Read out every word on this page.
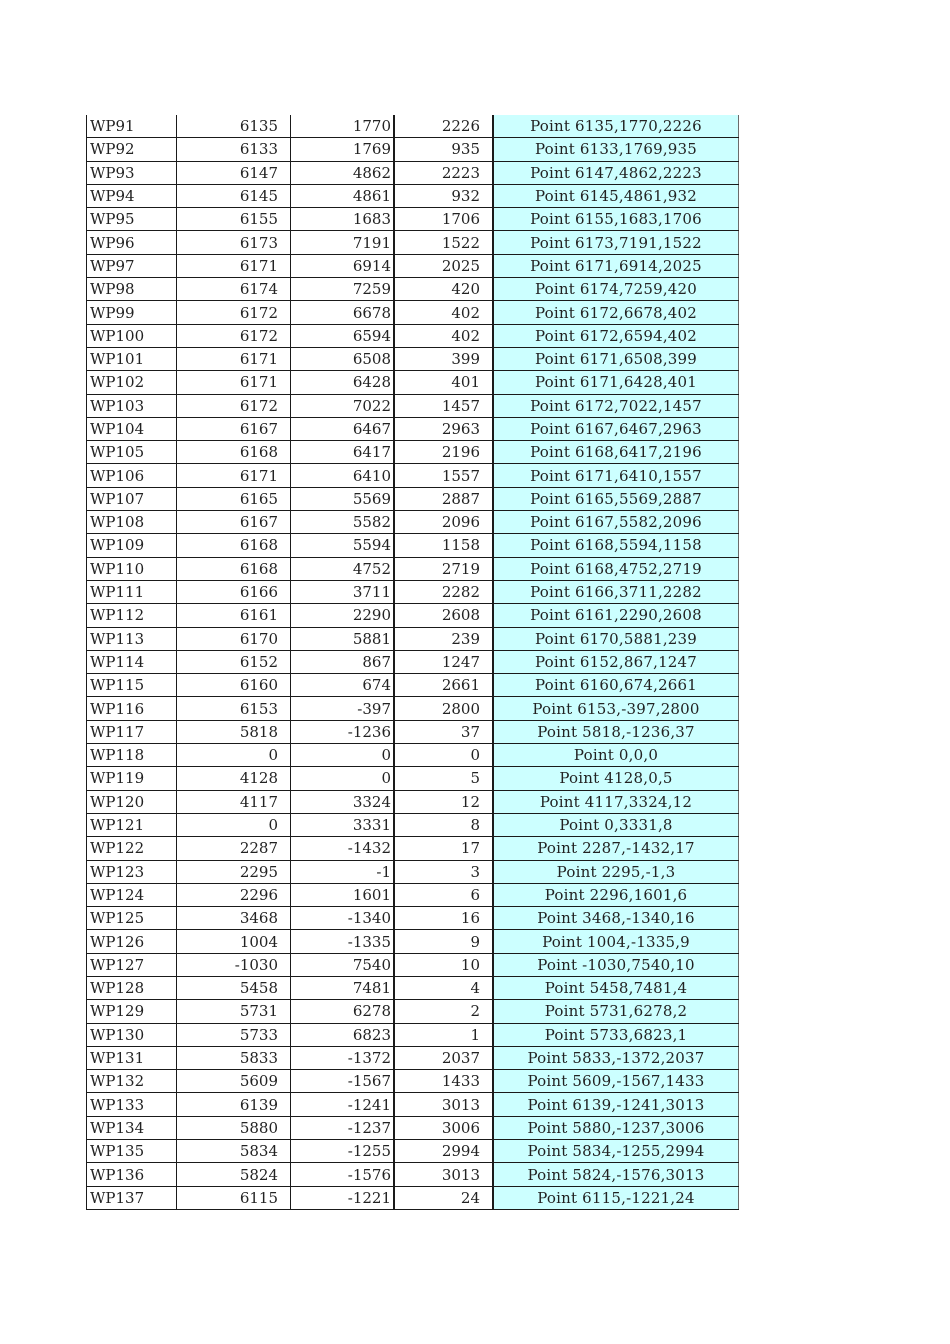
WP91	6135	1770	2226	Point 6135,1770,2226
WP92	6133	1769	935	Point 6133,1769,935
WP93	6147	4862	2223	Point 6147,4862,2223
WP94	6145	4861	932	Point 6145,4861,932
WP95	6155	1683	1706	Point 6155,1683,1706
WP96	6173	7191	1522	Point 6173,7191,1522
WP97	6171	6914	2025	Point 6171,6914,2025
WP98	6174	7259	420	Point 6174,7259,420
WP99	6172	6678	402	Point 6172,6678,402
WP100	6172	6594	402	Point 6172,6594,402
WP101	6171	6508	399	Point 6171,6508,399
WP102	6171	6428	401	Point 6171,6428,401
WP103	6172	7022	1457	Point 6172,7022,1457
WP104	6167	6467	2963	Point 6167,6467,2963
WP105	6168	6417	2196	Point 6168,6417,2196
WP106	6171	6410	1557	Point 6171,6410,1557
WP107	6165	5569	2887	Point 6165,5569,2887
WP108	6167	5582	2096	Point 6167,5582,2096
WP109	6168	5594	1158	Point 6168,5594,1158
WP110	6168	4752	2719	Point 6168,4752,2719
WP111	6166	3711	2282	Point 6166,3711,2282
WP112	6161	2290	2608	Point 6161,2290,2608
WP113	6170	5881	239	Point 6170,5881,239
WP114	6152	867	1247	Point 6152,867,1247
WP115	6160	674	2661	Point 6160,674,2661
WP116	6153	-397	2800	Point 6153,-397,2800
WP117	5818	-1236	37	Point 5818,-1236,37
WP118	0	0	0	Point 0,0,0
WP119	4128	0	5	Point 4128,0,5
WP120	4117	3324	12	Point 4117,3324,12
WP121	0	3331	8	Point 0,3331,8
WP122	2287	-1432	17	Point 2287,-1432,17
WP123	2295	-1	3	Point 2295,-1,3
WP124	2296	1601	6	Point 2296,1601,6
WP125	3468	-1340	16	Point 3468,-1340,16
WP126	1004	-1335	9	Point 1004,-1335,9
WP127	-1030	7540	10	Point -1030,7540,10
WP128	5458	7481	4	Point 5458,7481,4
WP129	5731	6278	2	Point 5731,6278,2
WP130	5733	6823	1	Point 5733,6823,1
WP131	5833	-1372	2037	Point 5833,-1372,2037
WP132	5609	-1567	1433	Point 5609,-1567,1433
WP133	6139	-1241	3013	Point 6139,-1241,3013
WP134	5880	-1237	3006	Point 5880,-1237,3006
WP135	5834	-1255	2994	Point 5834,-1255,2994
WP136	5824	-1576	3013	Point 5824,-1576,3013
WP137	6115	-1221	24	Point 6115,-1221,24
